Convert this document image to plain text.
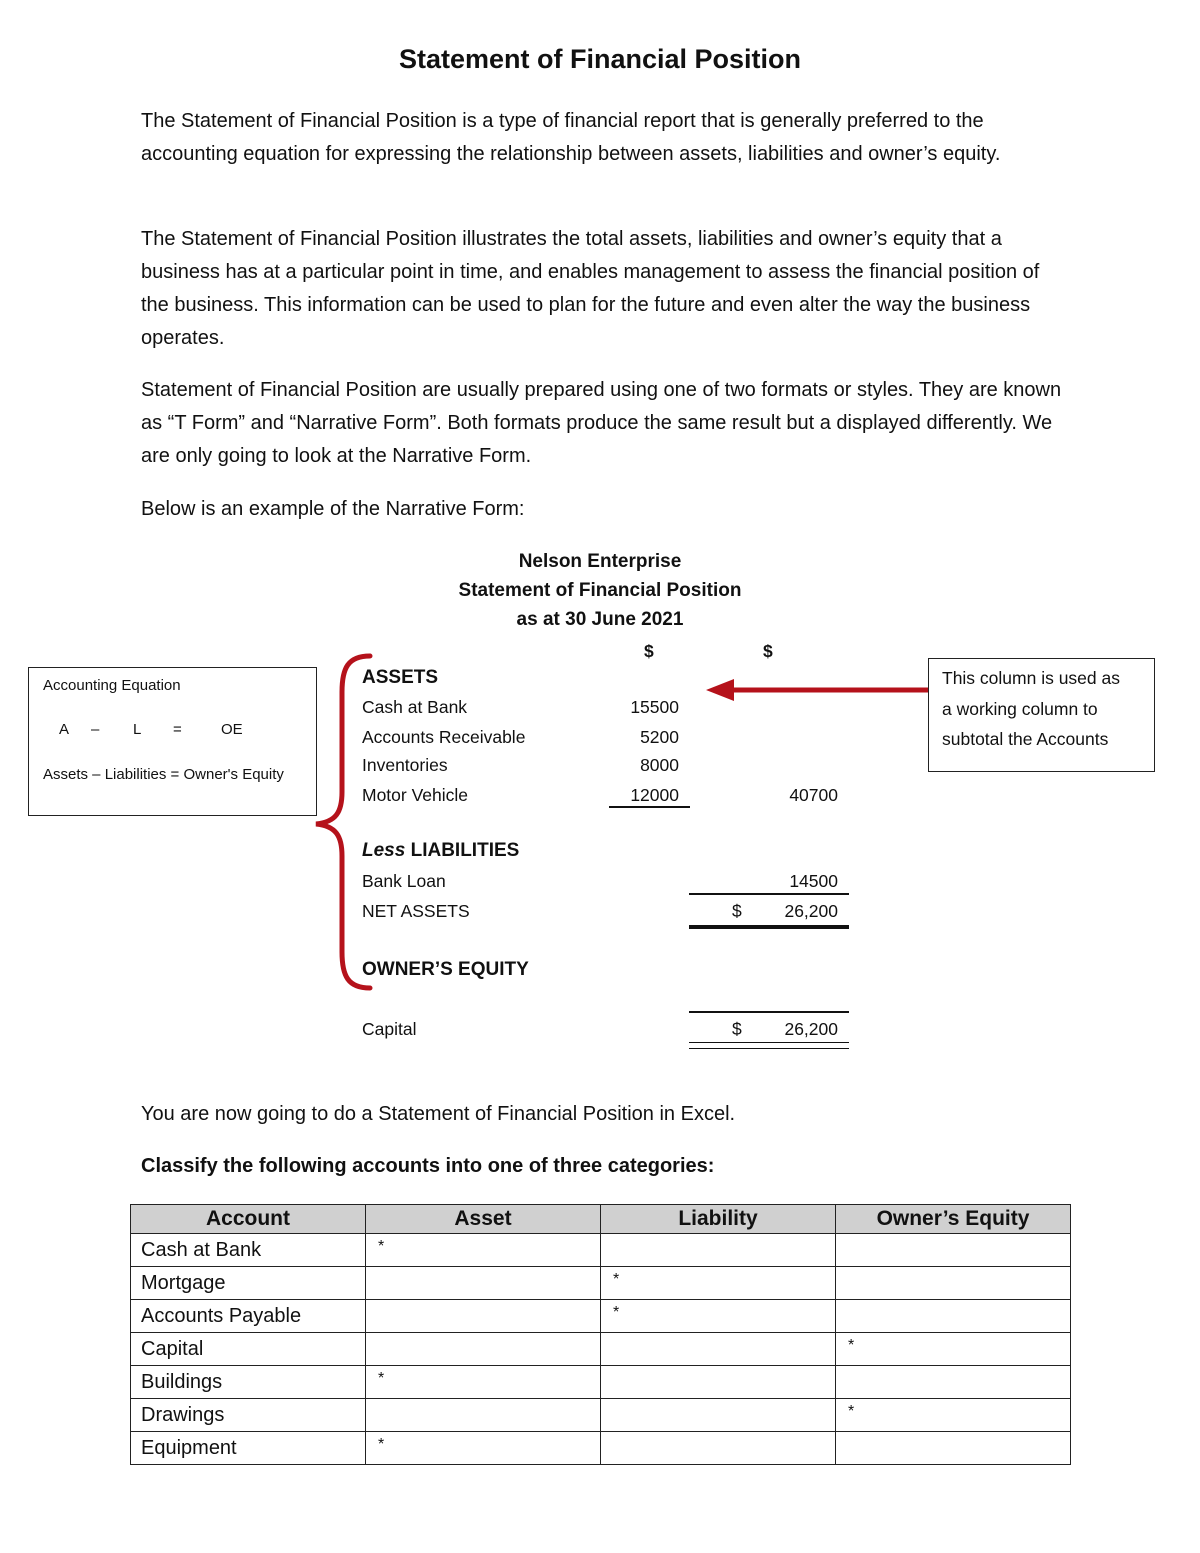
Statement of Financial Position

The Statement of Financial Position is a type of financial report that is generally preferred to the accounting equation for expressing the relationship between assets, liabilities and owner’s equity.

The Statement of Financial Position illustrates the total assets, liabilities and owner’s equity that a business has at a particular point in time, and enables management to assess the financial position of the business. This information can be used to plan for the future and even alter the way the business operates.

Statement of Financial Position are usually prepared using one of two formats or styles. They are known as “T Form” and “Narrative Form”. Both formats produce the same result but a displayed differently. We are only going to look at the Narrative Form.

Below is an example of the Narrative Form:

Nelson Enterprise
Statement of Financial Position
as at 30 June 2021
$	$
ASSETS
Cash at Bank	15500
Accounts Receivable	5200
Inventories	8000
Motor Vehicle	12000	40700
Less LIABILITIES
Bank Loan	14500
NET ASSETS	$	26,200
OWNER’S EQUITY
Capital	$	26,200
Accounting Equation
A – L =	OE
Assets – Liabilities = Owner's Equity
This column is used as
a working column to
subtotal the Accounts

You are now going to do a Statement of Financial Position in Excel.

Classify the following accounts into one of three categories:

Account	Asset	Liability	Owner’s Equity
Cash at Bank	*		
Mortgage		*	
Accounts Payable		*	
Capital			*
Buildings	*		
Drawings			*
Equipment	*		
